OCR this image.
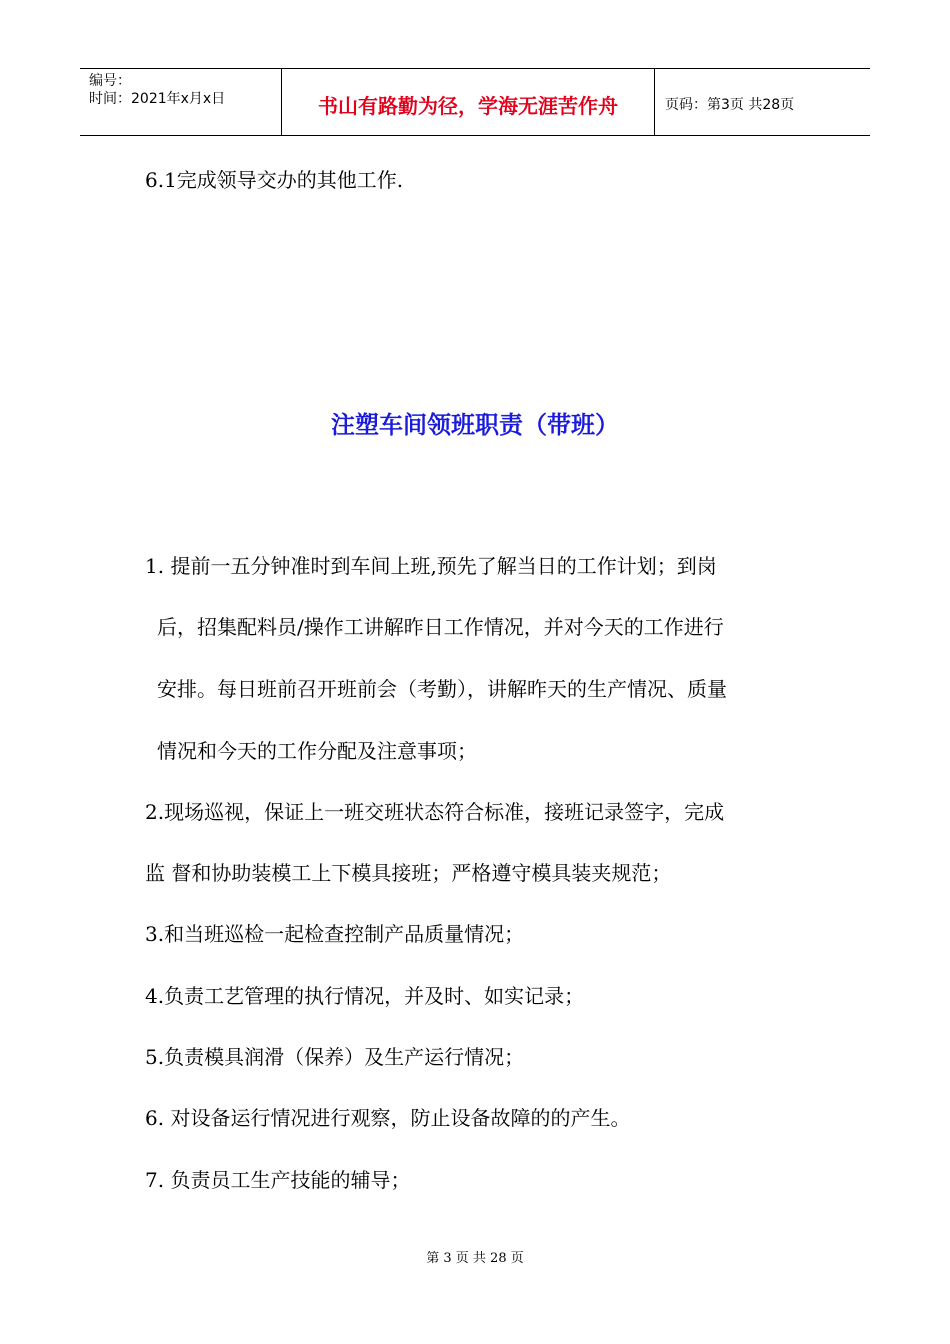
编号：
时间：2021年x月x日	书山有路勤为径，学海无涯苦作舟	页码：第3页 共28页
6.1完成领导交办的其他工作.
注塑车间领班职责（带班）
1. 提前一五分钟准时到车间上班,预先了解当日的工作计划；到岗
后，招集配料员/操作工讲解昨日工作情况，并对今天的工作进行
安排。每日班前召开班前会（考勤），讲解昨天的生产情况、质量
情况和今天的工作分配及注意事项；
2.现场巡视，保证上一班交班状态符合标准，接班记录签字，完成
监 督和协助装模工上下模具接班；严格遵守模具装夹规范；
3.和当班巡检一起检查控制产品质量情况；
4.负责工艺管理的执行情况，并及时、如实记录；
5.负责模具润滑（保养）及生产运行情况；
6. 对设备运行情况进行观察，防止设备故障的的产生。
7. 负责员工生产技能的辅导；
第 3 页 共 28 页
